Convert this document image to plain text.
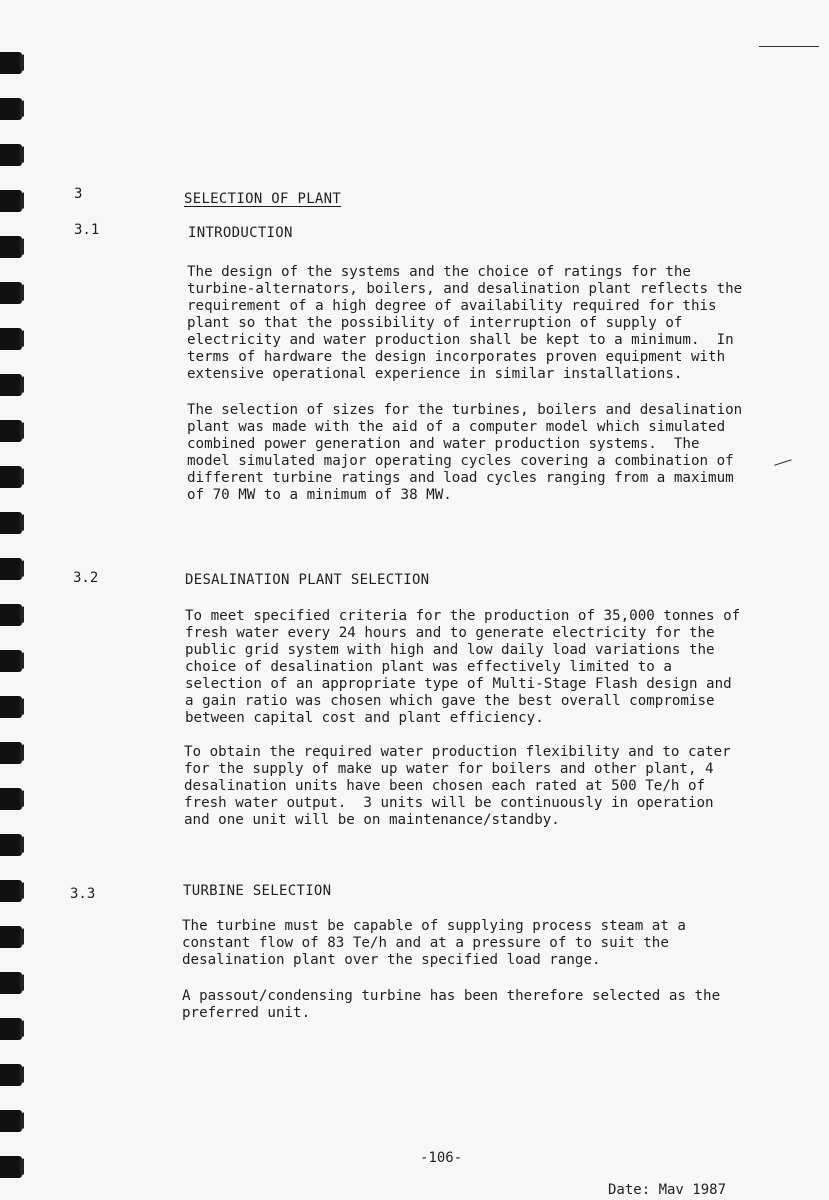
3	SELECTION OF PLANT
3.1	INTRODUCTION
The design of the systems and the choice of ratings for the
turbine-alternators, boilers, and desalination plant reflects the
requirement of a high degree of availability required for this
plant so that the possibility of interruption of supply of
electricity and water production shall be kept to a minimum.  In
terms of hardware the design incorporates proven equipment with
extensive operational experience in similar installations.
The selection of sizes for the turbines, boilers and desalination
plant was made with the aid of a computer model which simulated
combined power generation and water production systems.  The
model simulated major operating cycles covering a combination of
different turbine ratings and load cycles ranging from a maximum
of 70 MW to a minimum of 38 MW.
3.2	DESALINATION PLANT SELECTION
To meet specified criteria for the production of 35,000 tonnes of
fresh water every 24 hours and to generate electricity for the
public grid system with high and low daily load variations the
choice of desalination plant was effectively limited to a
selection of an appropriate type of Multi-Stage Flash design and
a gain ratio was chosen which gave the best overall compromise
between capital cost and plant efficiency.
To obtain the required water production flexibility and to cater
for the supply of make up water for boilers and other plant, 4
desalination units have been chosen each rated at 500 Te/h of
fresh water output.  3 units will be continuously in operation
and one unit will be on maintenance/standby.
3.3	TURBINE SELECTION
The turbine must be capable of supplying process steam at a
constant flow of 83 Te/h and at a pressure of to suit the
desalination plant over the specified load range.
A passout/condensing turbine has been therefore selected as the
preferred unit.
-106-
Date: Mav 1987
